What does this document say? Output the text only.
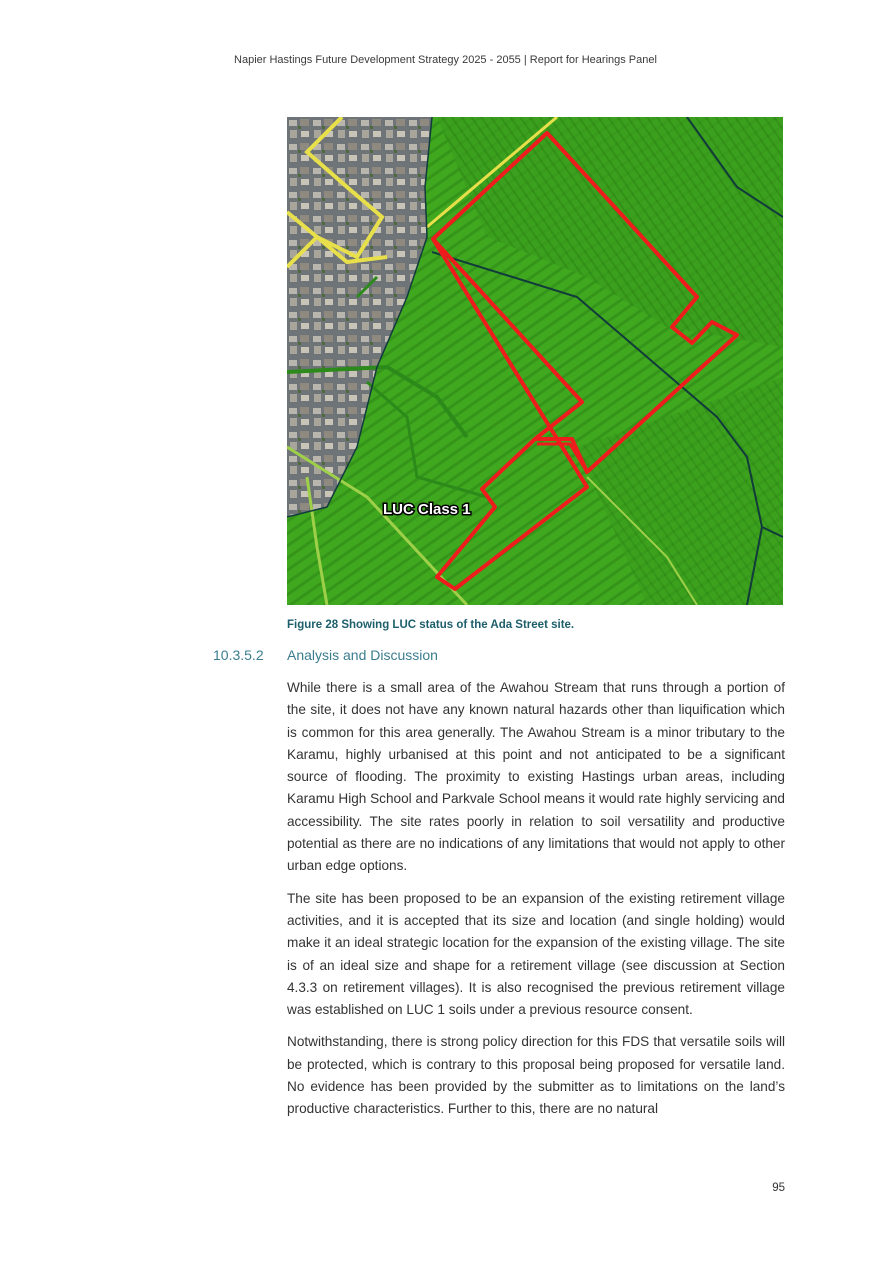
Napier Hastings Future Development Strategy 2025 - 2055 | Report for Hearings Panel
LUC Class 1
Figure 28 Showing LUC status of the Ada Street site.
10.3.5.2 Analysis and Discussion

While there is a small area of the Awahou Stream that runs through a portion of the site, it does not have any known natural hazards other than liquification which is common for this area generally. The Awahou Stream is a minor tributary to the Karamu, highly urbanised at this point and not anticipated to be a significant source of flooding. The proximity to existing Hastings urban areas, including Karamu High School and Parkvale School means it would rate highly servicing and accessibility. The site rates poorly in relation to soil versatility and productive potential as there are no indications of any limitations that would not apply to other urban edge options.

The site has been proposed to be an expansion of the existing retirement village activities, and it is accepted that its size and location (and single holding) would make it an ideal strategic location for the expansion of the existing village. The site is of an ideal size and shape for a retirement village (see discussion at Section 4.3.3 on retirement villages). It is also recognised the previous retirement village was established on LUC 1 soils under a previous resource consent.

Notwithstanding, there is strong policy direction for this FDS that versatile soils will be protected, which is contrary to this proposal being proposed for versatile land. No evidence has been provided by the submitter as to limitations on the land’s productive characteristics. Further to this, there are no natural

95
